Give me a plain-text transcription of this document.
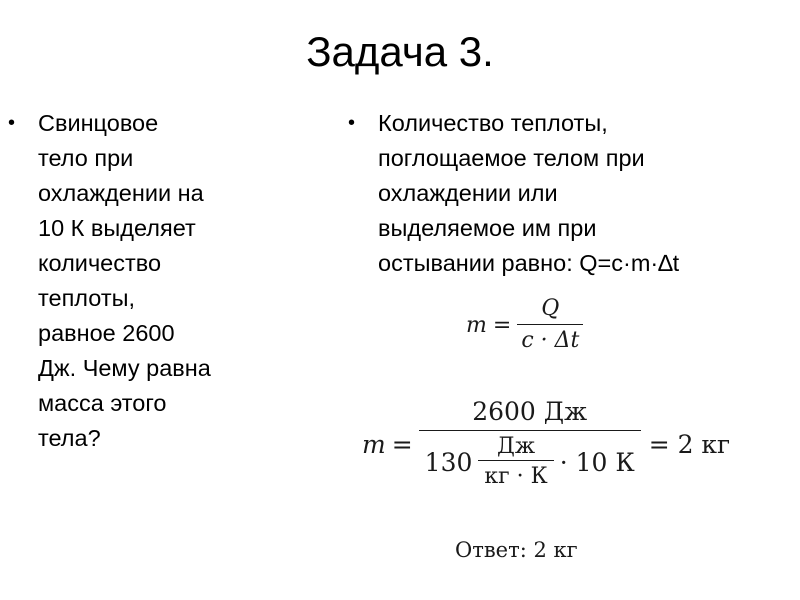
Задача 3.
• Свинцовое
тело при
охлаждении на
10 К выделяет
количество
теплоты,
равное 2600
Дж. Чему равна
масса этого
тела?
• Количество теплоты,
поглощаемое телом при
охлаждении или
выделяемое им при
остывании равно: Q=c·m·∆t
$m = \frac{Q}{c \cdot \Delta t}$
m =
2600 Дж
$130 \frac{Дж}{кг \cdot К} \cdot 10$ К
= 2 кг
Ответ: 2 кг
